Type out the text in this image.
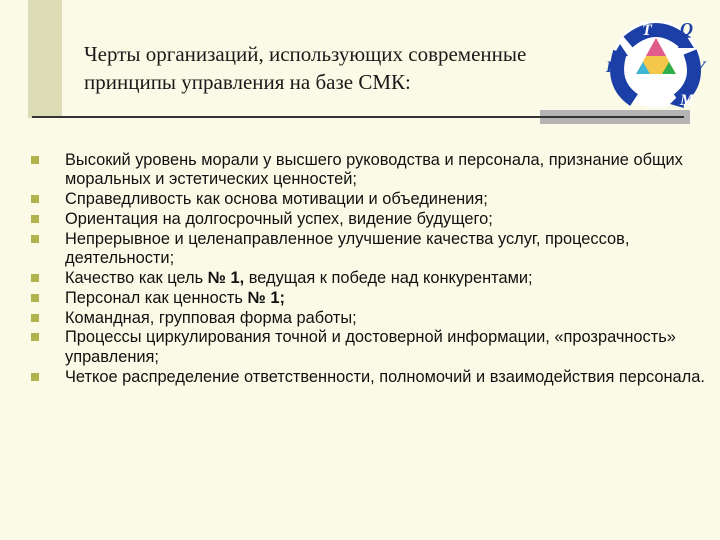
Черты организаций, использующих современные принципы управления на базе СМК:
Т Q
Г	У
Г М
Высокий уровень морали у высшего руководства и персонала, признание общих моральных и эстетических ценностей;
Справедливость как основа мотивации и объединения;
Ориентация на долгосрочный успех, видение будущего;
Непрерывное и целенаправленное улучшение качества услуг, процессов, деятельности;
Качество как цель № 1, ведущая к победе над конкурентами;
Персонал как ценность № 1;
Командная, групповая форма работы;
Процессы циркулирования точной и достоверной информации, «прозрачность» управления;
Четкое распределение ответственности, полномочий и взаимодействия персонала.
